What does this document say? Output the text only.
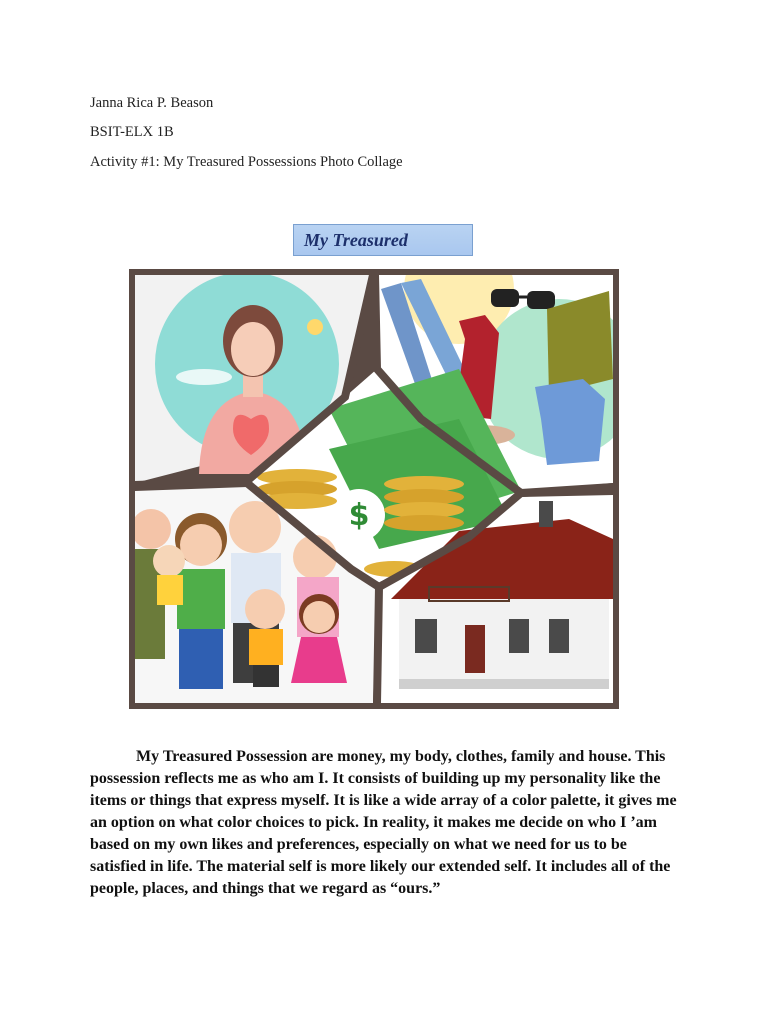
Janna Rica P. Beason
BSIT-ELX 1B
Activity #1: My Treasured Possessions Photo Collage
My Treasured
$

My Treasured Possession are money, my body, clothes, family and house. This possession reflects me as who am I. It consists of building up my personality like the items or things that express myself. It is like a wide array of a color palette, it gives me an option on what color choices to pick. In reality, it makes me decide on who I ’am based on my own likes and preferences, especially on what we need for us to be satisfied in life. The material self is more likely our extended self. It includes all of the people, places, and things that we regard as “ours.”
